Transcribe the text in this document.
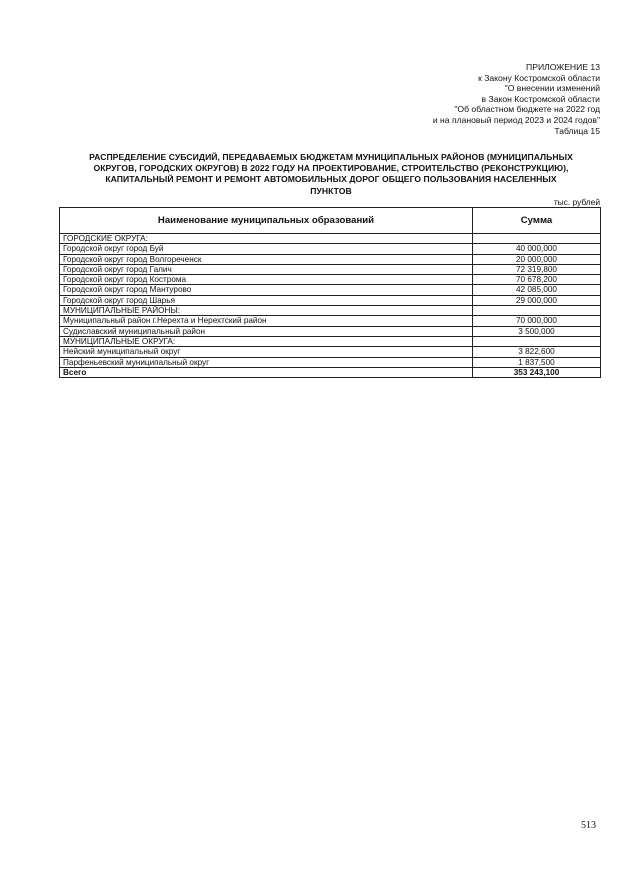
ПРИЛОЖЕНИЕ 13
к Закону Костромской области
"О внесении изменений
в Закон Костромской области
"Об областном бюджете на 2022 год
и на плановый период 2023 и 2024 годов"
Таблица 15
РАСПРЕДЕЛЕНИЕ СУБСИДИЙ, ПЕРЕДАВАЕМЫХ БЮДЖЕТАМ МУНИЦИПАЛЬНЫХ РАЙОНОВ (МУНИЦИПАЛЬНЫХ
ОКРУГОВ, ГОРОДСКИХ ОКРУГОВ) В 2022 ГОДУ НА ПРОЕКТИРОВАНИЕ, СТРОИТЕЛЬСТВО (РЕКОНСТРУКЦИЮ),
КАПИТАЛЬНЫЙ РЕМОНТ И РЕМОНТ АВТОМОБИЛЬНЫХ ДОРОГ ОБЩЕГО ПОЛЬЗОВАНИЯ НАСЕЛЕННЫХ
ПУНКТОВ
тыс. рублей
Наименование муниципальных образований	Сумма
ГОРОДСКИЕ ОКРУГА:	
Городской округ город Буй	40 000,000
Городской округ город Волгореченск	20 000,000
Городской округ город Галич	72 319,800
Городской округ город Кострома	70 678,200
Городской округ город Мантурово	42 085,000
Городской округ город Шарья	29 000,000
МУНИЦИПАЛЬНЫЕ РАЙОНЫ:	
Муниципальный район г.Нерехта и Нерехтский район	70 000,000
Судиславский муниципальный район	3 500,000
МУНИЦИПАЛЬНЫЕ ОКРУГА:	
Нейский муниципальный округ	3 822,600
Парфеньевский муниципальный округ	1 837,500
Всего	353 243,100
513
